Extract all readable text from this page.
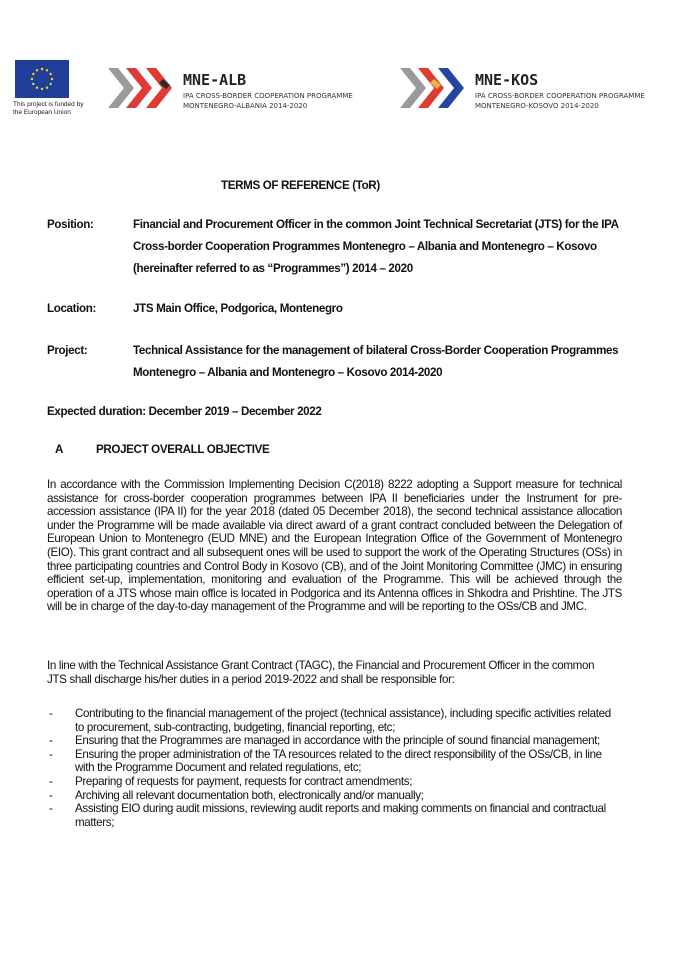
This project is funded by the European Union
MNE-ALB
IPA CROSS-BORDER COOPERATION PROGRAMME
MONTENEGRO-ALBANIA 2014-2020
MNE-KOS
IPA CROSS-BORDER COOPERATION PROGRAMME
MONTENEGRO-KOSOVO 2014-2020
TERMS OF REFERENCE (ToR)
Position:	Financial and Procurement Officer in the common Joint Technical Secretariat (JTS) for the IPA Cross-border Cooperation Programmes Montenegro – Albania and Montenegro – Kosovo (hereinafter referred to as “Programmes”) 2014 – 2020
Location:	JTS Main Office, Podgorica, Montenegro
Project:	Technical Assistance for the management of bilateral Cross-Border Cooperation Programmes Montenegro – Albania and Montenegro – Kosovo 2014-2020
Expected duration: December 2019 – December 2022
A	PROJECT OVERALL OBJECTIVE
In accordance with the Commission Implementing Decision C(2018) 8222 adopting a Support measure for technical assistance for cross-border cooperation programmes between IPA II beneficiaries under the Instrument for pre-accession assistance (IPA II) for the year 2018 (dated 05 December 2018), the second technical assistance allocation under the Programme will be made available via direct award of a grant contract concluded between the Delegation of European Union to Montenegro (EUD MNE) and the European Integration Office of the Government of Montenegro (EIO). This grant contract and all subsequent ones will be used to support the work of the Operating Structures (OSs) in three participating countries and Control Body in Kosovo (CB), and of the Joint Monitoring Committee (JMC) in ensuring efficient set-up, implementation, monitoring and evaluation of the Programme. This will be achieved through the operation of a JTS whose main office is located in Podgorica and its Antenna offices in Shkodra and Prishtine. The JTS will be in charge of the day-to-day management of the Programme and will be reporting to the OSs/CB and JMC.
In line with the Technical Assistance Grant Contract (TAGC), the Financial and Procurement Officer in the common JTS shall discharge his/her duties in a period 2019-2022 and shall be responsible for:
- Contributing to the financial management of the project (technical assistance), including specific activities related to procurement, sub-contracting, budgeting, financial reporting, etc;
- Ensuring that the Programmes are managed in accordance with the principle of sound financial management;
- Ensuring the proper administration of the TA resources related to the direct responsibility of the OSs/CB, in line with the Programme Document and related regulations, etc;
- Preparing of requests for payment, requests for contract amendments;
- Archiving all relevant documentation both, electronically and/or manually;
- Assisting EIO during audit missions, reviewing audit reports and making comments on financial and contractual matters;
